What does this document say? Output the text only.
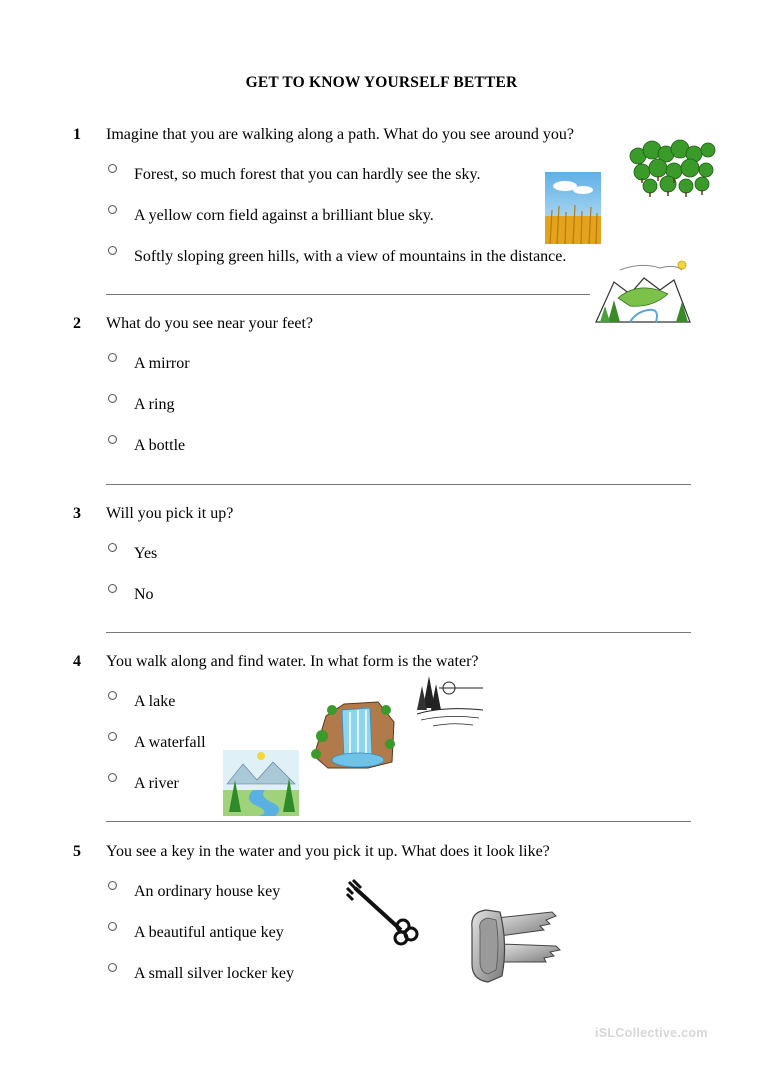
GET TO KNOW YOURSELF BETTER
1 Imagine that you are walking along a path. What do you see around you?
Forest, so much forest that you can hardly see the sky.
A yellow corn field against a brilliant blue sky.
Softly sloping green hills, with a view of mountains in the distance.
2 What do you see near your feet?
A mirror
A ring
A bottle
3 Will you pick it up?
Yes
No
4 You walk along and find water. In what form is the water?
A lake
A waterfall
A river
5 You see a key in the water and you pick it up. What does it look like?
An ordinary house key
A beautiful antique key
A small silver locker key
iSLCollective.com
